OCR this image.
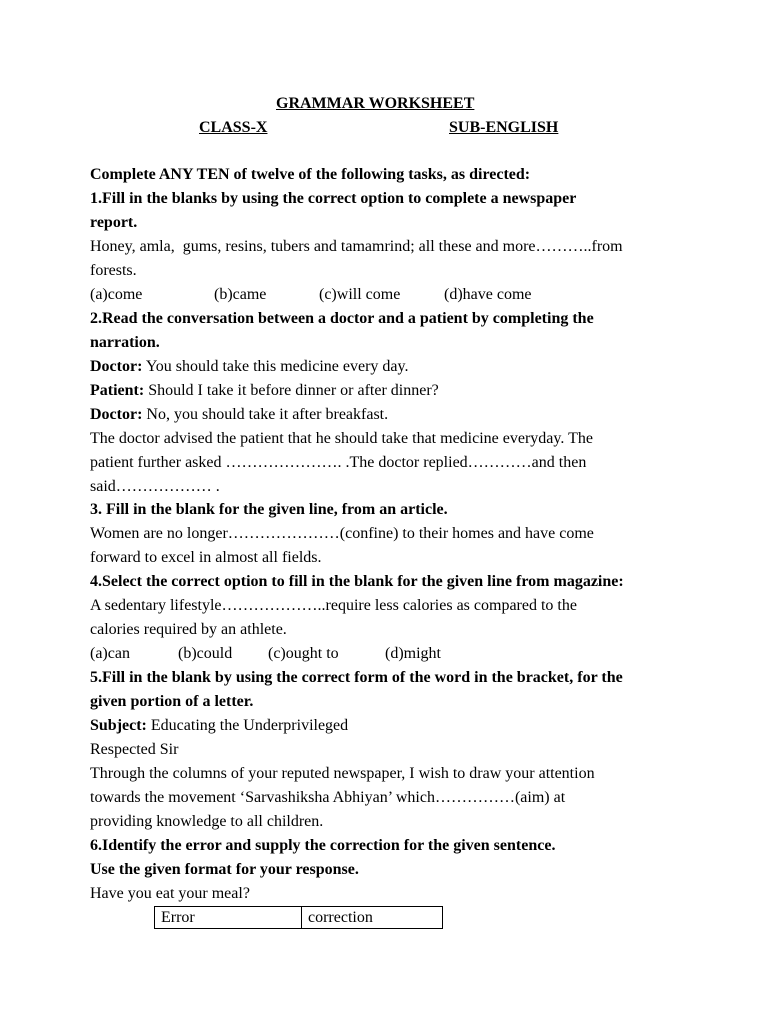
GRAMMAR WORKSHEET
CLASS-X	SUB-ENGLISH
Complete ANY TEN of twelve of the following tasks, as directed:
1.Fill in the blanks by using the correct option to complete a newspaper
report.
Honey, amla,  gums, resins, tubers and tamamrind; all these and more………..from
forests.
(a)come	(b)came	(c)will come	(d)have come
2.Read the conversation between a doctor and a patient by completing the
narration.
Doctor: You should take this medicine every day.
Patient: Should I take it before dinner or after dinner?
Doctor: No, you should take it after breakfast.
The doctor advised the patient that he should take that medicine everyday. The
patient further asked …………………. .The doctor replied…………and then
said……………… .
3. Fill in the blank for the given line, from an article.
Women are no longer…………………(confine) to their homes and have come
forward to excel in almost all fields.
4.Select the correct option to fill in the blank for the given line from magazine:
A sedentary lifestyle………………..require less calories as compared to the
calories required by an athlete.
(a)can	(b)could (c)ought to	(d)might
5.Fill in the blank by using the correct form of the word in the bracket, for the
given portion of a letter.
Subject: Educating the Underprivileged
Respected Sir
Through the columns of your reputed newspaper, I wish to draw your attention
towards the movement ‘Sarvashiksha Abhiyan’ which……………(aim) at
providing knowledge to all children.
6.Identify the error and supply the correction for the given sentence.
Use the given format for your response.
Have you eat your meal?
Error	correction
